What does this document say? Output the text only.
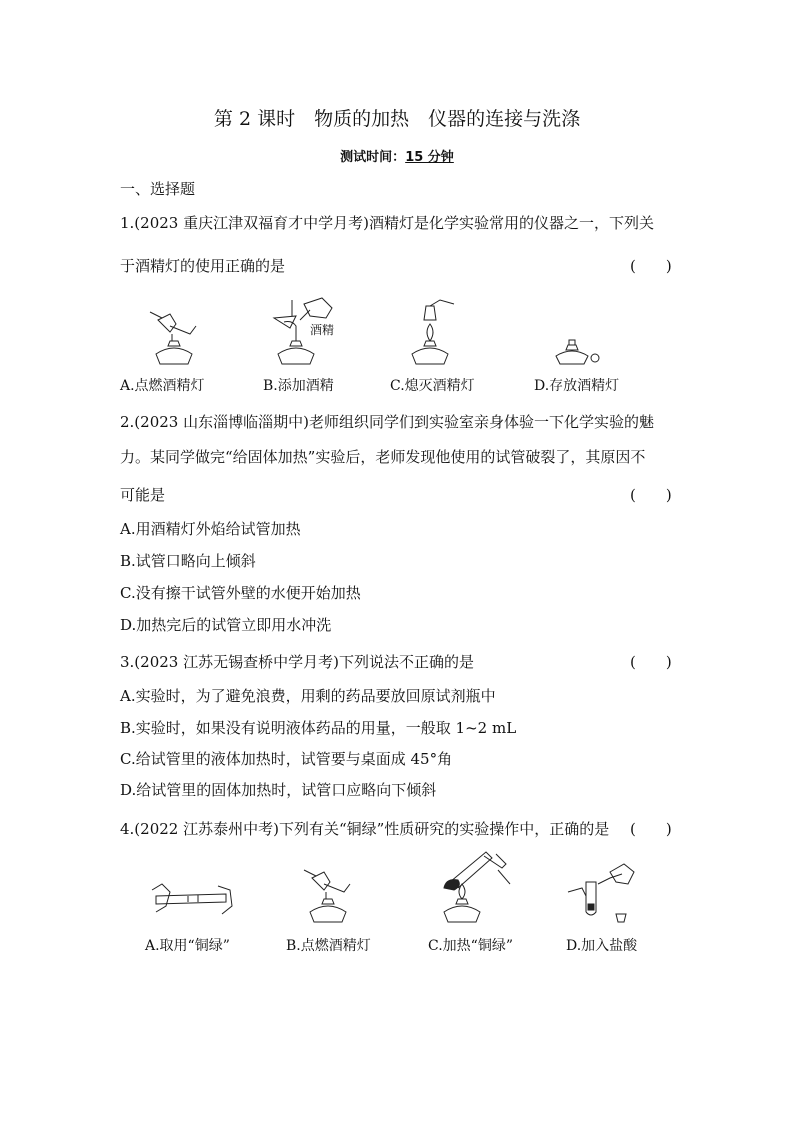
第 2 课时　物质的加热　仪器的连接与洗涤
测试时间：15 分钟
一、选择题
1.(2023 重庆江津双福育才中学月考)酒精灯是化学实验常用的仪器之一，下列关
于酒精灯的使用正确的是	(　　)
酒精
A.点燃酒精灯	B.添加酒精	C.熄灭酒精灯	D.存放酒精灯
2.(2023 山东淄博临淄期中)老师组织同学们到实验室亲身体验一下化学实验的魅
力。某同学做完“给固体加热”实验后，老师发现他使用的试管破裂了，其原因不
可能是	(　　)
A.用酒精灯外焰给试管加热
B.试管口略向上倾斜
C.没有擦干试管外壁的水便开始加热
D.加热完后的试管立即用水冲洗
3.(2023 江苏无锡查桥中学月考)下列说法不正确的是	(　　)
A.实验时，为了避免浪费，用剩的药品要放回原试剂瓶中
B.实验时，如果没有说明液体药品的用量，一般取 1~2 mL
C.给试管里的液体加热时，试管要与桌面成 45°角
D.给试管里的固体加热时，试管口应略向下倾斜
4.(2022 江苏泰州中考)下列有关“铜绿”性质研究的实验操作中，正确的是 (　　)
A.取用“铜绿”	B.点燃酒精灯	C.加热“铜绿”	D.加入盐酸
